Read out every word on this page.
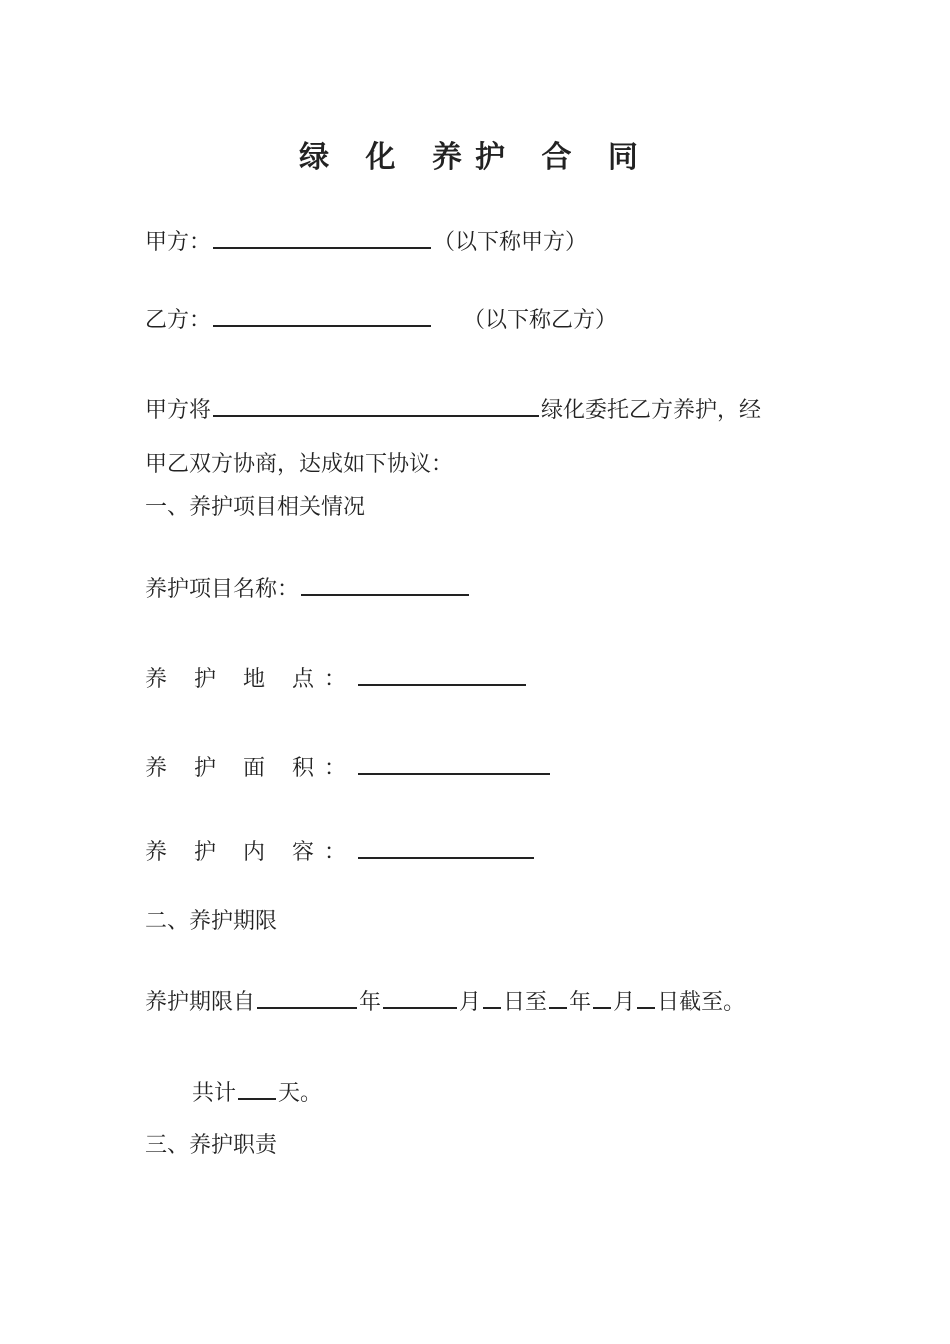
绿 化 养护 合 同
甲方：	（以下称甲方）
乙方：	（以下称乙方）
甲方将	绿化委托乙方养护，经
甲乙双方协商，达成如下协议：
一、养护项目相关情况
养护项目名称：
养 护 地 点：
养 护 面 积：
养 护 内 容：
二、养护期限
养护期限自	年	月 日至 年 月 日截至。
共计 天。
三、养护职责
